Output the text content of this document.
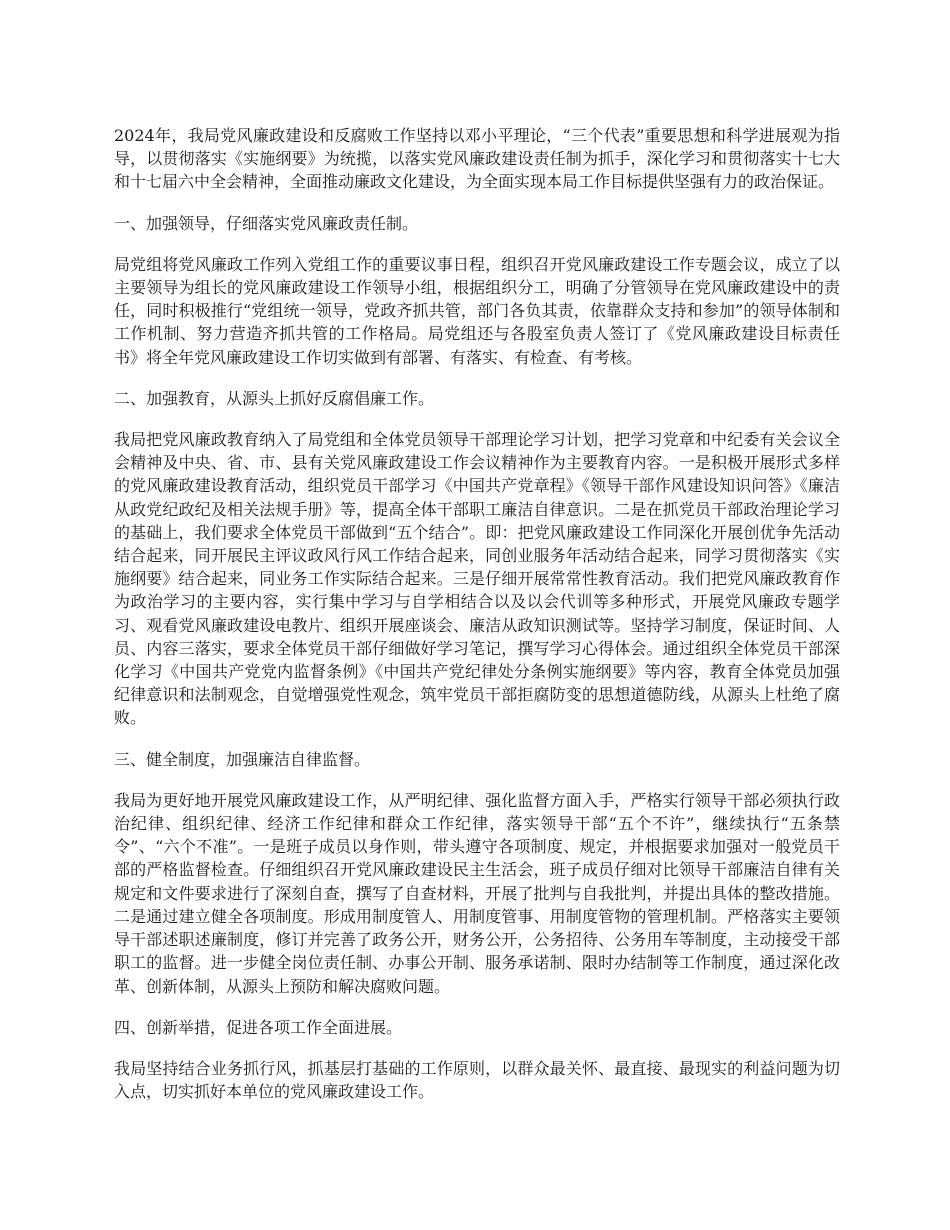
2024年，我局党风廉政建设和反腐败工作坚持以邓小平理论，“三个代表”重要思想和科学进展观为指导，以贯彻落实《实施纲要》为统揽，以落实党风廉政建设责任制为抓手，深化学习和贯彻落实十七大和十七届六中全会精神，全面推动廉政文化建设，为全面实现本局工作目标提供坚强有力的政治保证。

一、加强领导，仔细落实党风廉政责任制。

局党组将党风廉政工作列入党组工作的重要议事日程，组织召开党风廉政建设工作专题会议，成立了以主要领导为组长的党风廉政建设工作领导小组，根据组织分工，明确了分管领导在党风廉政建设中的责任，同时积极推行“党组统一领导，党政齐抓共管，部门各负其责，依靠群众支持和参加”的领导体制和工作机制、努力营造齐抓共管的工作格局。局党组还与各股室负责人签订了《党风廉政建设目标责任书》将全年党风廉政建设工作切实做到有部署、有落实、有检查、有考核。

二、加强教育，从源头上抓好反腐倡廉工作。

我局把党风廉政教育纳入了局党组和全体党员领导干部理论学习计划，把学习党章和中纪委有关会议全会精神及中央、省、市、县有关党风廉政建设工作会议精神作为主要教育内容。一是积极开展形式多样的党风廉政建设教育活动，组织党员干部学习《中国共产党章程》《领导干部作风建设知识问答》《廉洁从政党纪政纪及相关法规手册》等，提高全体干部职工廉洁自律意识。二是在抓党员干部政治理论学习的基础上，我们要求全体党员干部做到“五个结合”。即：把党风廉政建设工作同深化开展创优争先活动结合起来，同开展民主评议政风行风工作结合起来，同创业服务年活动结合起来，同学习贯彻落实《实施纲要》结合起来，同业务工作实际结合起来。三是仔细开展常常性教育活动。我们把党风廉政教育作为政治学习的主要内容，实行集中学习与自学相结合以及以会代训等多种形式，开展党风廉政专题学习、观看党风廉政建设电教片、组织开展座谈会、廉洁从政知识测试等。坚持学习制度，保证时间、人员、内容三落实，要求全体党员干部仔细做好学习笔记，撰写学习心得体会。通过组织全体党员干部深化学习《中国共产党党内监督条例》《中国共产党纪律处分条例实施纲要》等内容，教育全体党员加强纪律意识和法制观念，自觉增强党性观念，筑牢党员干部拒腐防变的思想道德防线，从源头上杜绝了腐败。

三、健全制度，加强廉洁自律监督。

我局为更好地开展党风廉政建设工作，从严明纪律、强化监督方面入手，严格实行领导干部必须执行政治纪律、组织纪律、经济工作纪律和群众工作纪律，落实领导干部“五个不许”，继续执行“五条禁令”、“六个不准”。一是班子成员以身作则，带头遵守各项制度、规定，并根据要求加强对一般党员干部的严格监督检查。仔细组织召开党风廉政建设民主生活会，班子成员仔细对比领导干部廉洁自律有关规定和文件要求进行了深刻自查，撰写了自查材料，开展了批判与自我批判，并提出具体的整改措施。二是通过建立健全各项制度。形成用制度管人、用制度管事、用制度管物的管理机制。严格落实主要领导干部述职述廉制度，修订并完善了政务公开，财务公开，公务招待、公务用车等制度，主动接受干部职工的监督。进一步健全岗位责任制、办事公开制、服务承诺制、限时办结制等工作制度，通过深化改革、创新体制，从源头上预防和解决腐败问题。

四、创新举措，促进各项工作全面进展。

我局坚持结合业务抓行风，抓基层打基础的工作原则，以群众最关怀、最直接、最现实的利益问题为切入点，切实抓好本单位的党风廉政建设工作。
